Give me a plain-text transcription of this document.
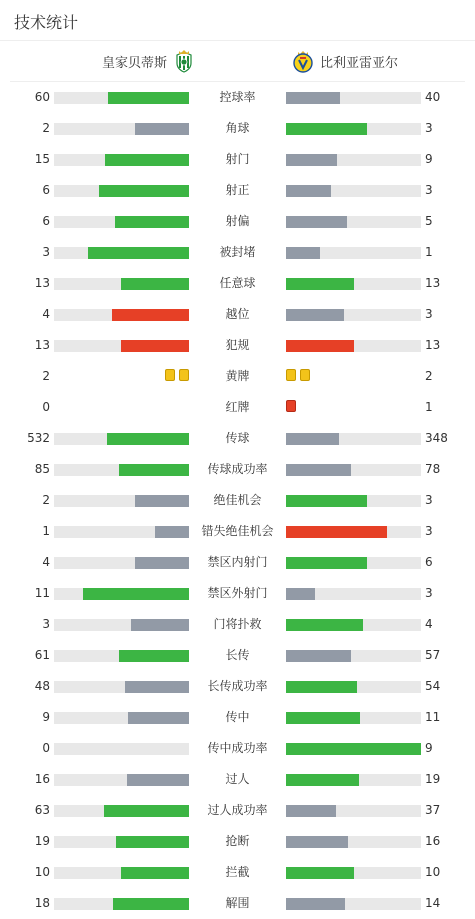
技术统计
皇家贝蒂斯	比利亚雷亚尔
60	控球率	40
2	角球	3
15	射门	9
6	射正	3
6	射偏	5
3	被封堵	1
13	任意球	13
4	越位	3
13	犯规	13
2	黄牌	2
0	红牌	1
532	传球	348
85	传球成功率	78
2	绝佳机会	3
1	错失绝佳机会	3
4	禁区内射门	6
11	禁区外射门	3
3	门将扑救	4
61	长传	57
48	长传成功率	54
9	传中	11
0	传中成功率	9
16	过人	19
63	过人成功率	37
19	抢断	16
10	拦截	10
18	解围	14
